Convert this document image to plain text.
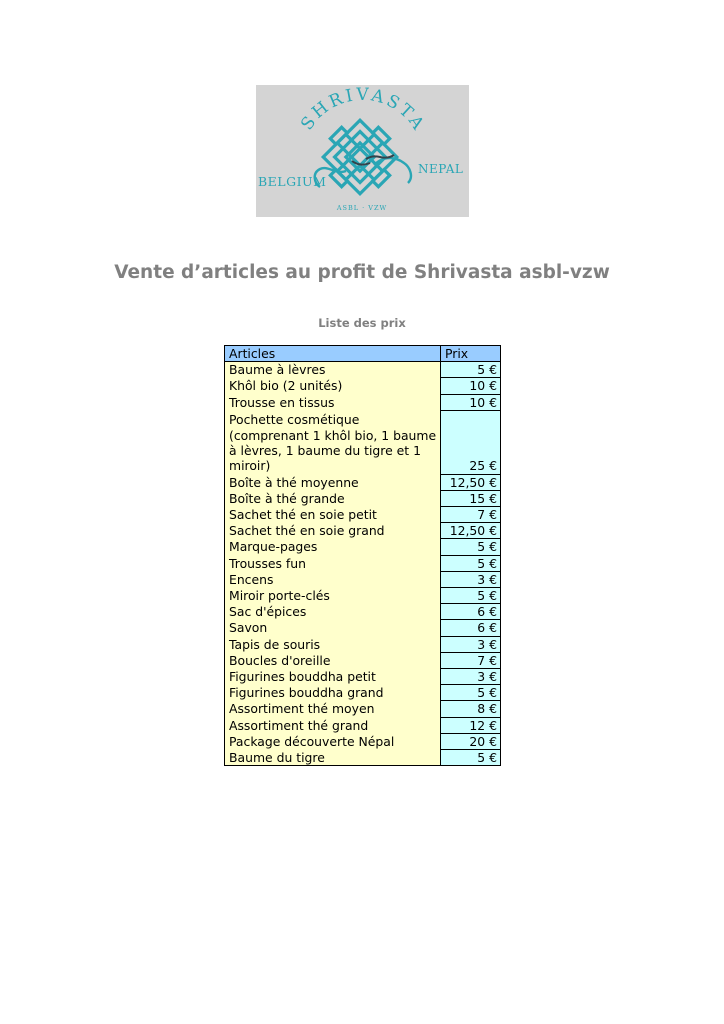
SHRIVASTA
BELGIUM
NEPAL
ASBL · VZW
Vente d’articles au profit de Shrivasta asbl-vzw
Liste des prix
Articles	Prix
Baume à lèvres	5 €
Khôl bio (2 unités)	10 €
Trousse en tissus	10 €
Pochette cosmétique (comprenant 1 khôl bio, 1 baume à lèvres, 1 baume du tigre et 1 miroir)	25 €
Boîte à thé moyenne	12,50 €
Boîte à thé grande	15 €
Sachet thé en soie petit	7 €
Sachet thé en soie grand	12,50 €
Marque-pages	5 €
Trousses fun	5 €
Encens	3 €
Miroir porte-clés	5 €
Sac d'épices	6 €
Savon	6 €
Tapis de souris	3 €
Boucles d'oreille	7 €
Figurines bouddha petit	3 €
Figurines bouddha grand	5 €
Assortiment thé moyen	8 €
Assortiment thé grand	12 €
Package découverte Népal	20 €
Baume du tigre	5 €
